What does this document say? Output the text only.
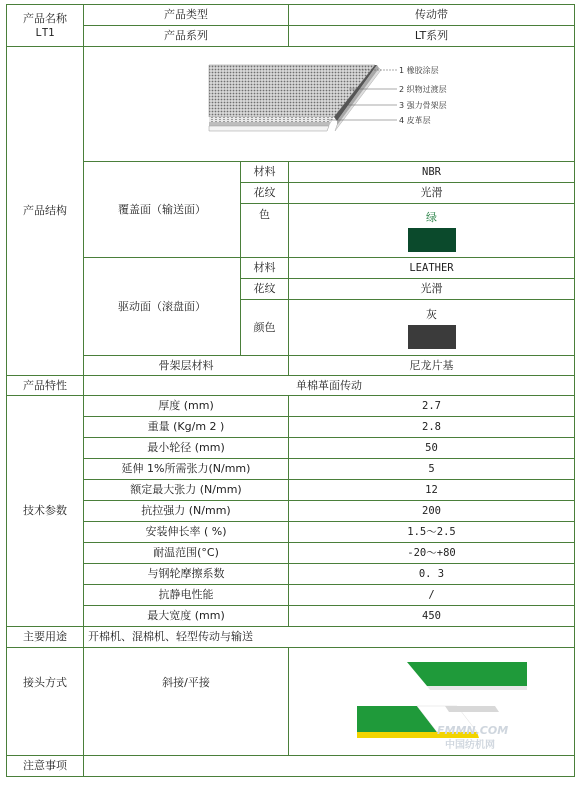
产品名称
LT1	产品类型		传动带
	产品系列		LT系列
产品结构	1 橡胶涂层
2 织物过渡层
3 强力骨架层
4 皮革层		

	覆盖面（输送面）	材料	NBR
		花纹	光滑
		色	绿

	驱动面（滚盘面）	材料	LEATHER
		花纹	光滑
		颜色	灰

	骨架层材料		尼龙片基
产品特性	单棉革面传动		
技术参数	厚度 (mm)		2.7
	重量 (Kg/m 2 )		2.8
	最小轮径 (mm)		50
	延伸 1%所需张力(N/mm)		5
	额定最大张力 (N/mm)		12
	抗拉强力 (N/mm)		200
	安装伸长率 ( %)		1.5～2.5
	耐温范围(°C)		-20～+80
	与钢轮摩擦系数		0. 3
	抗静电性能		/
	最大宽度 (mm)		450
主要用途	开棉机、混棉机、轻型传动与输送		
接头方式	斜接/平接		FMMN.COM
中国纺机网

注意事项			
